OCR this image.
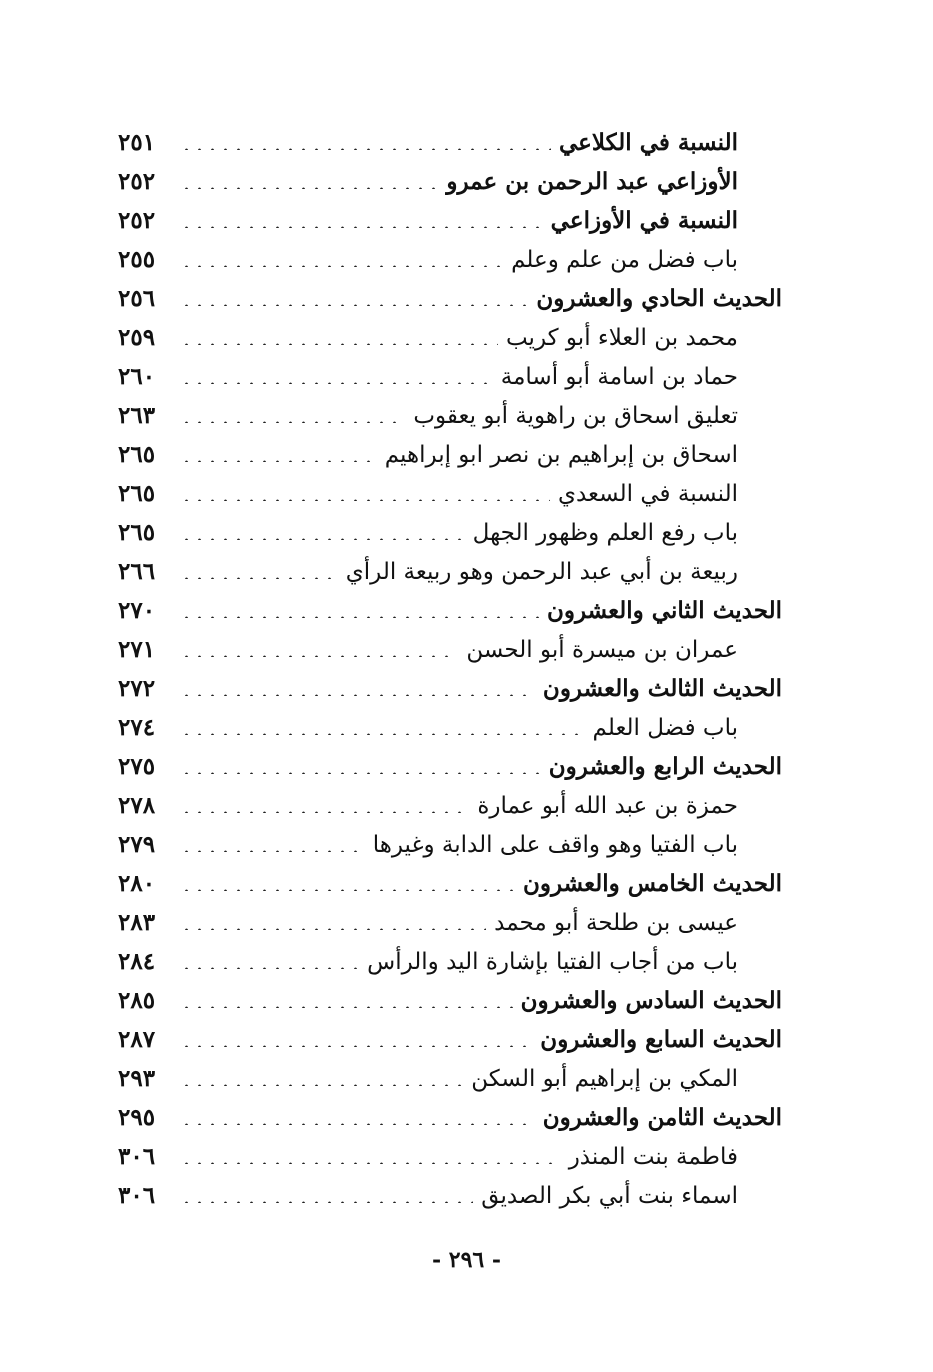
٢٥١	النسبة في الكلاعي
٢٥٢	الأوزاعي عبد الرحمن بن عمرو
٢٥٢	النسبة في الأوزاعي
٢٥٥	باب فضل من علم وعلم
٢٥٦	الحديث الحادي والعشرون
٢٥٩	محمد بن العلاء أبو كريب
٢٦٠	حماد بن اسامة أبو أسامة
٢٦٣	تعليق اسحاق بن راهوية أبو يعقوب
٢٦٥	اسحاق بن إبراهيم بن نصر ابو إبراهيم
٢٦٥	النسبة في السعدي
٢٦٥	باب رفع العلم وظهور الجهل
٢٦٦	ربيعة بن أبي عبد الرحمن وهو ربيعة الرأي
٢٧٠	الحديث الثاني والعشرون
٢٧١	عمران بن ميسرة أبو الحسن
٢٧٢	الحديث الثالث والعشرون
٢٧٤	باب فضل العلم
٢٧٥	الحديث الرابع والعشرون
٢٧٨	حمزة بن عبد الله أبو عمارة
٢٧٩	باب الفتيا وهو واقف على الدابة وغيرها
٢٨٠	الحديث الخامس والعشرون
٢٨٣	عيسى بن طلحة أبو محمد
٢٨٤	باب من أجاب الفتيا بإشارة اليد والرأس
٢٨٥	الحديث السادس والعشرون
٢٨٧	الحديث السابع والعشرون
٢٩٣	المكي بن إبراهيم أبو السكن
٢٩٥	الحديث الثامن والعشرون
٣٠٦	فاطمة بنت المنذر
٣٠٦	اسماء بنت أبي بكر الصديق
- ٢٩٦ -
